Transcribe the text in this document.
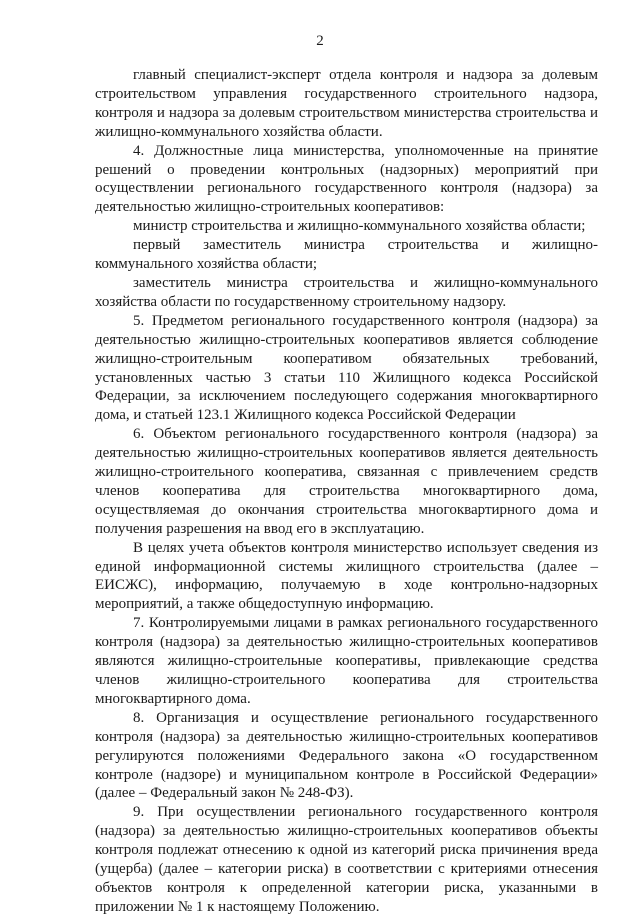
2

главный специалист-эксперт отдела контроля и надзора за долевым строительством управления государственного строительного надзора, контроля и надзора за долевым строительством министерства строительства и жилищно-коммунального хозяйства области.

4. Должностные лица министерства, уполномоченные на принятие решений о проведении контрольных (надзорных) мероприятий при осуществлении регионального государственного контроля (надзора) за деятельностью жилищно-строительных кооперативов:

министр строительства и жилищно-коммунального хозяйства области;

первый заместитель министра строительства и жилищно-коммунального хозяйства области;

заместитель министра строительства и жилищно-коммунального хозяйства области по государственному строительному надзору.

5. Предметом регионального государственного контроля (надзора) за деятельностью жилищно-строительных кооперативов является соблюдение жилищно-строительным кооперативом обязательных требований, установленных частью 3 статьи 110 Жилищного кодекса Российской Федерации, за исключением последующего содержания многоквартирного дома, и статьей 123.1 Жилищного кодекса Российской Федерации

6. Объектом регионального государственного контроля (надзора) за деятельностью жилищно-строительных кооперативов является деятельность жилищно-строительного кооператива, связанная с привлечением средств членов кооператива для строительства многоквартирного дома, осуществляемая до окончания строительства многоквартирного дома и получения разрешения на ввод его в эксплуатацию.

В целях учета объектов контроля министерство использует сведения из единой информационной системы жилищного строительства (далее – ЕИСЖС), информацию, получаемую в ходе контрольно-надзорных мероприятий, а также общедоступную информацию.

7. Контролируемыми лицами в рамках регионального государственного контроля (надзора) за деятельностью жилищно-строительных кооперативов являются жилищно-строительные кооперативы, привлекающие средства членов жилищно-строительного кооператива для строительства многоквартирного дома.

8. Организация и осуществление регионального государственного контроля (надзора) за деятельностью жилищно-строительных кооперативов регулируются положениями Федерального закона «О государственном контроле (надзоре) и муниципальном контроле в Российской Федерации» (далее – Федеральный закон № 248-ФЗ).

9. При осуществлении регионального государственного контроля (надзора) за деятельностью жилищно-строительных кооперативов объекты контроля подлежат отнесению к одной из категорий риска причинения вреда (ущерба) (далее – категории риска) в соответствии с критериями отнесения объектов контроля к определенной категории риска, указанными в приложении № 1 к настоящему Положению.
